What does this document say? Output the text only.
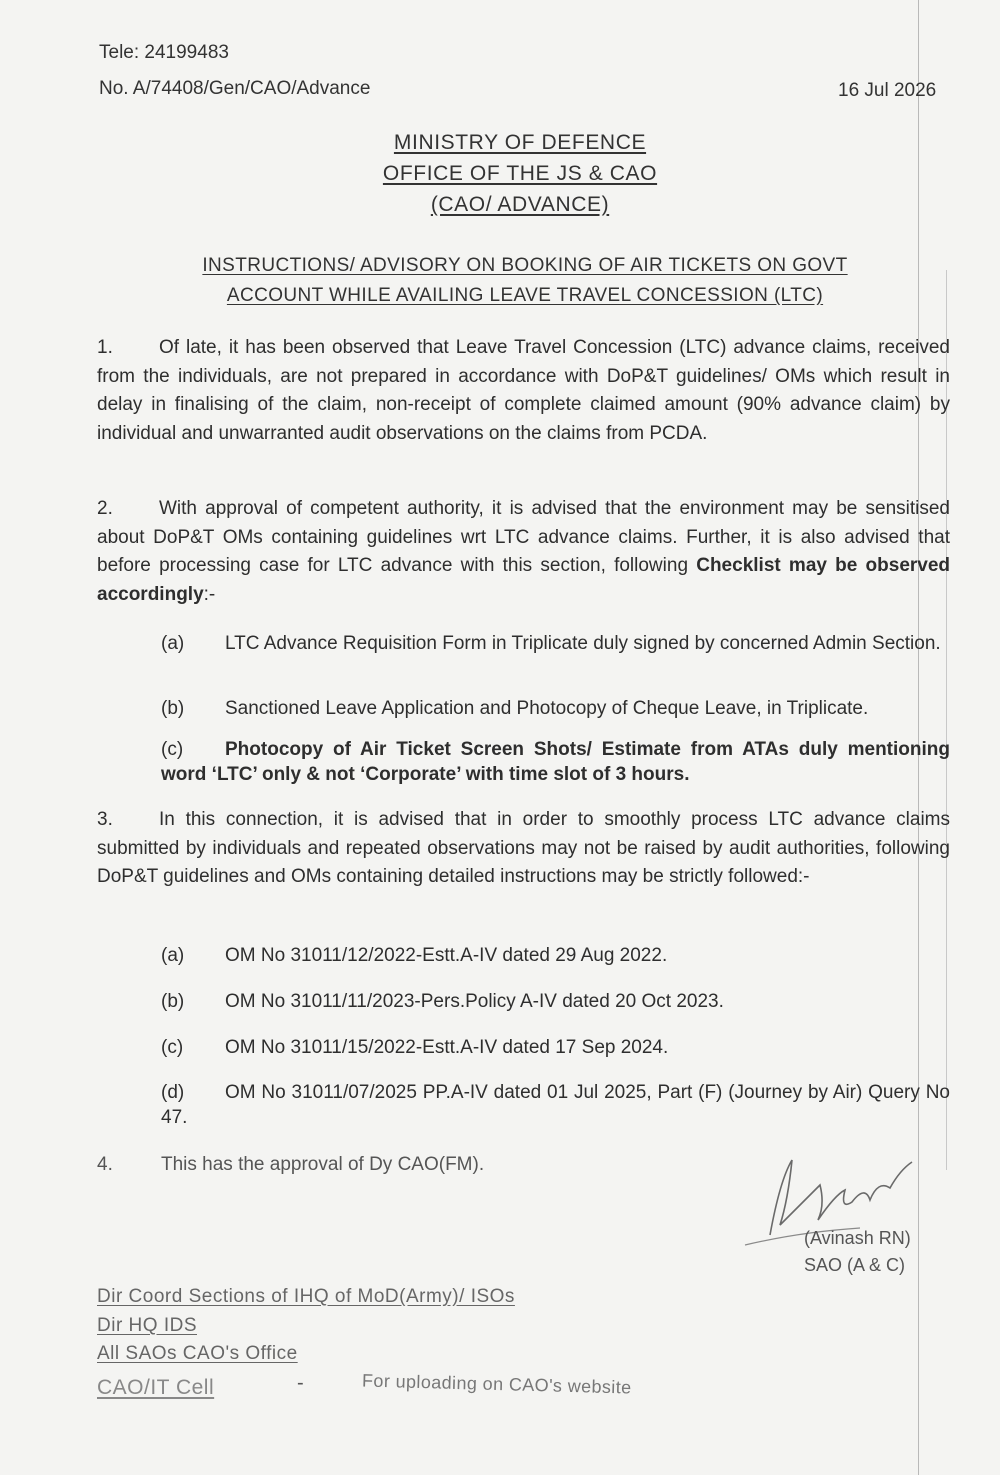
Tele: 24199483
No. A/74408/Gen/CAO/Advance	16 Jul 2026
MINISTRY OF DEFENCE
OFFICE OF THE JS & CAO
(CAO/ ADVANCE)
INSTRUCTIONS/ ADVISORY ON BOOKING OF AIR TICKETS ON GOVT
ACCOUNT WHILE AVAILING LEAVE TRAVEL CONCESSION (LTC)
1. Of late, it has been observed that Leave Travel Concession (LTC) advance claims, received from the individuals, are not prepared in accordance with DoP&T guidelines/ OMs which result in delay in finalising of the claim, non-receipt of complete claimed amount (90% advance claim) by individual and unwarranted audit observations on the claims from PCDA.
2. With approval of competent authority, it is advised that the environment may be sensitised about DoP&T OMs containing guidelines wrt LTC advance claims. Further, it is also advised that before processing case for LTC advance with this section, following Checklist may be observed accordingly:-
(a) LTC Advance Requisition Form in Triplicate duly signed by concerned Admin Section.
(b) Sanctioned Leave Application and Photocopy of Cheque Leave, in Triplicate.
(c) Photocopy of Air Ticket Screen Shots/ Estimate from ATAs duly mentioning word ‘LTC’ only & not ‘Corporate’ with time slot of 3 hours.
3. In this connection, it is advised that in order to smoothly process LTC advance claims submitted by individuals and repeated observations may not be raised by audit authorities, following DoP&T guidelines and OMs containing detailed instructions may be strictly followed:-
(a) OM No 31011/12/2022-Estt.A-IV dated 29 Aug 2022.
(b) OM No 31011/11/2023-Pers.Policy A-IV dated 20 Oct 2023.
(c) OM No 31011/15/2022-Estt.A-IV dated 17 Sep 2024.
(d) OM No 31011/07/2025 PP.A-IV dated 01 Jul 2025, Part (F) (Journey by Air) Query No 47.
4.	This has the approval of Dy CAO(FM).
(Avinash RN)
SAO (A & C)
Dir Coord Sections of IHQ of MoD(Army)/ ISOs
Dir HQ IDS
All SAOs CAO's Office
CAO/IT Cell	-	For uploading on CAO's website
